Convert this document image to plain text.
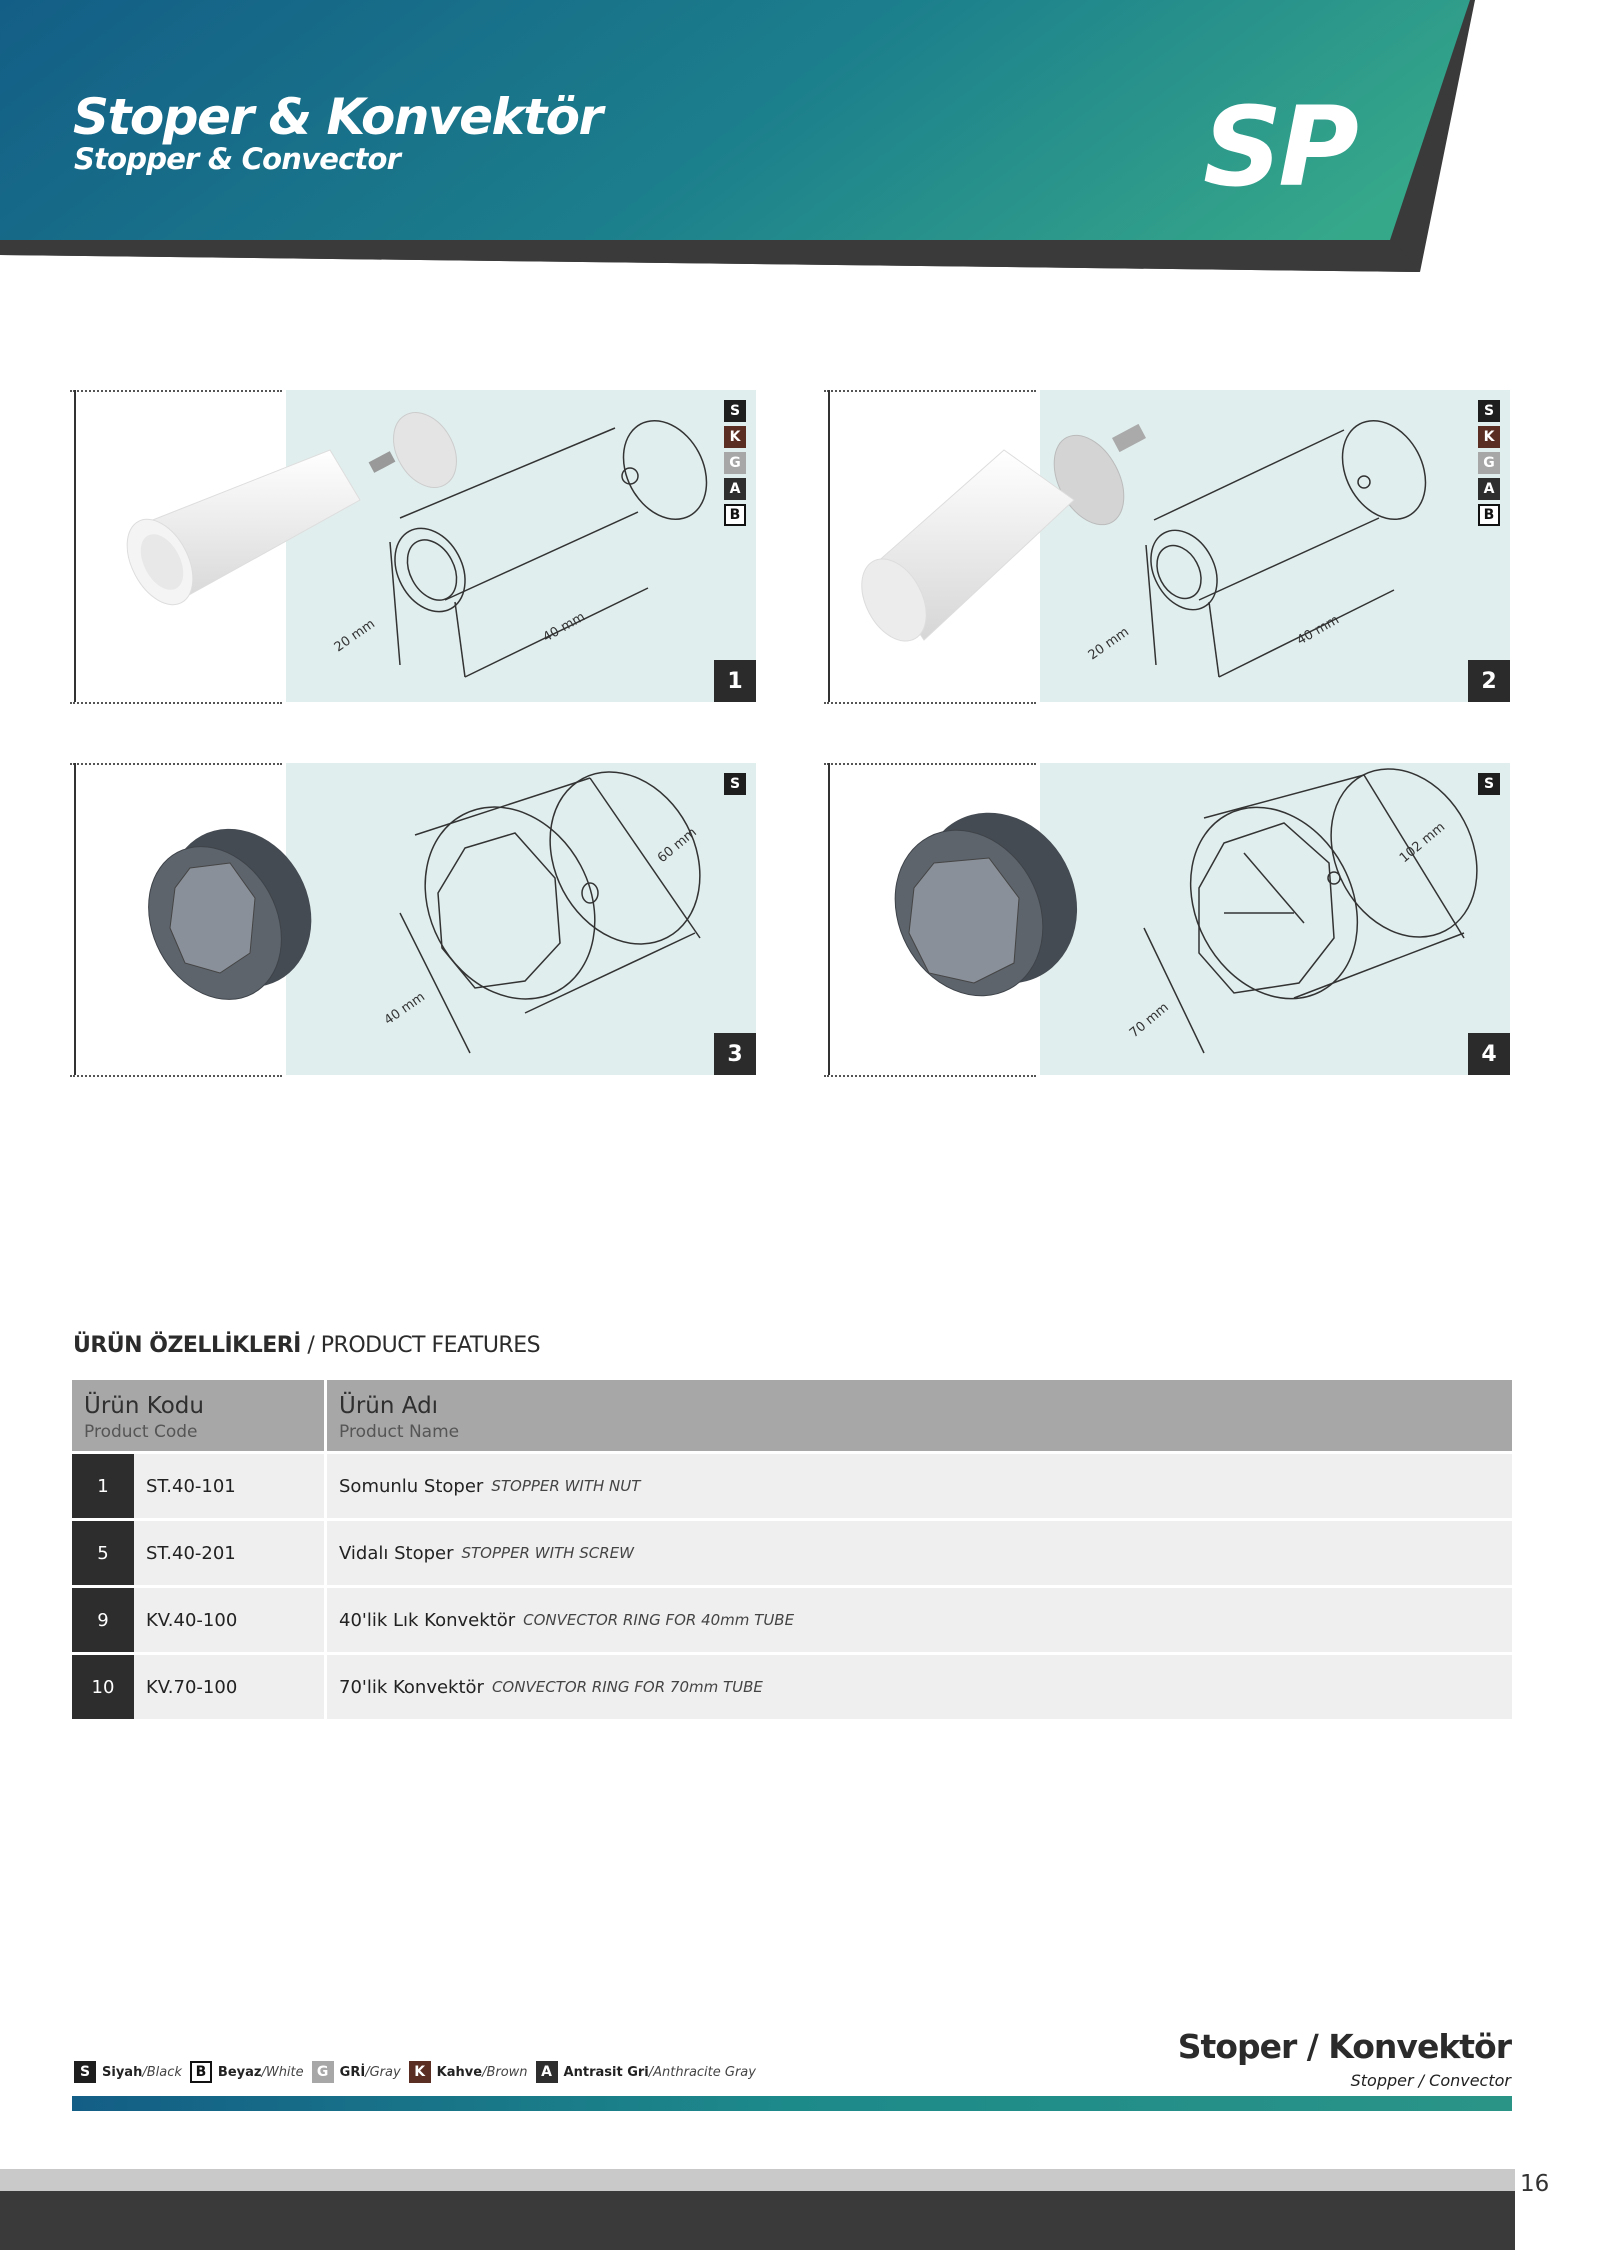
Stoper & Konvektör
Stopper & Convector	SP
20 mm	40 mm
S
K
G
A
B
1
20 mm	40 mm
S
K
G
A
B
2
40 mm
60 mm
S
3
70 mm
102 mm
S
4
ÜRÜN ÖZELLİKLERİ / PRODUCT FEATURES
Ürün Kodu
Product Code
Ürün Adı
Product Name
1	ST.40-101	Somunlu Stoper STOPPER WITH NUT
5	ST.40-201	Vidalı Stoper STOPPER WITH SCREW
9	KV.40-100	40'lik Lık Konvektör CONVECTOR RING FOR 40mm TUBE
10	KV.70-100	70'lik Konvektör CONVECTOR RING FOR 70mm TUBE
S Siyah / Black B Beyaz / White G GRİ / Gray K Kahve / Brown A Antrasit Gri / Anthracite Gray
Stoper / Konvektör
Stopper / Convector
16
